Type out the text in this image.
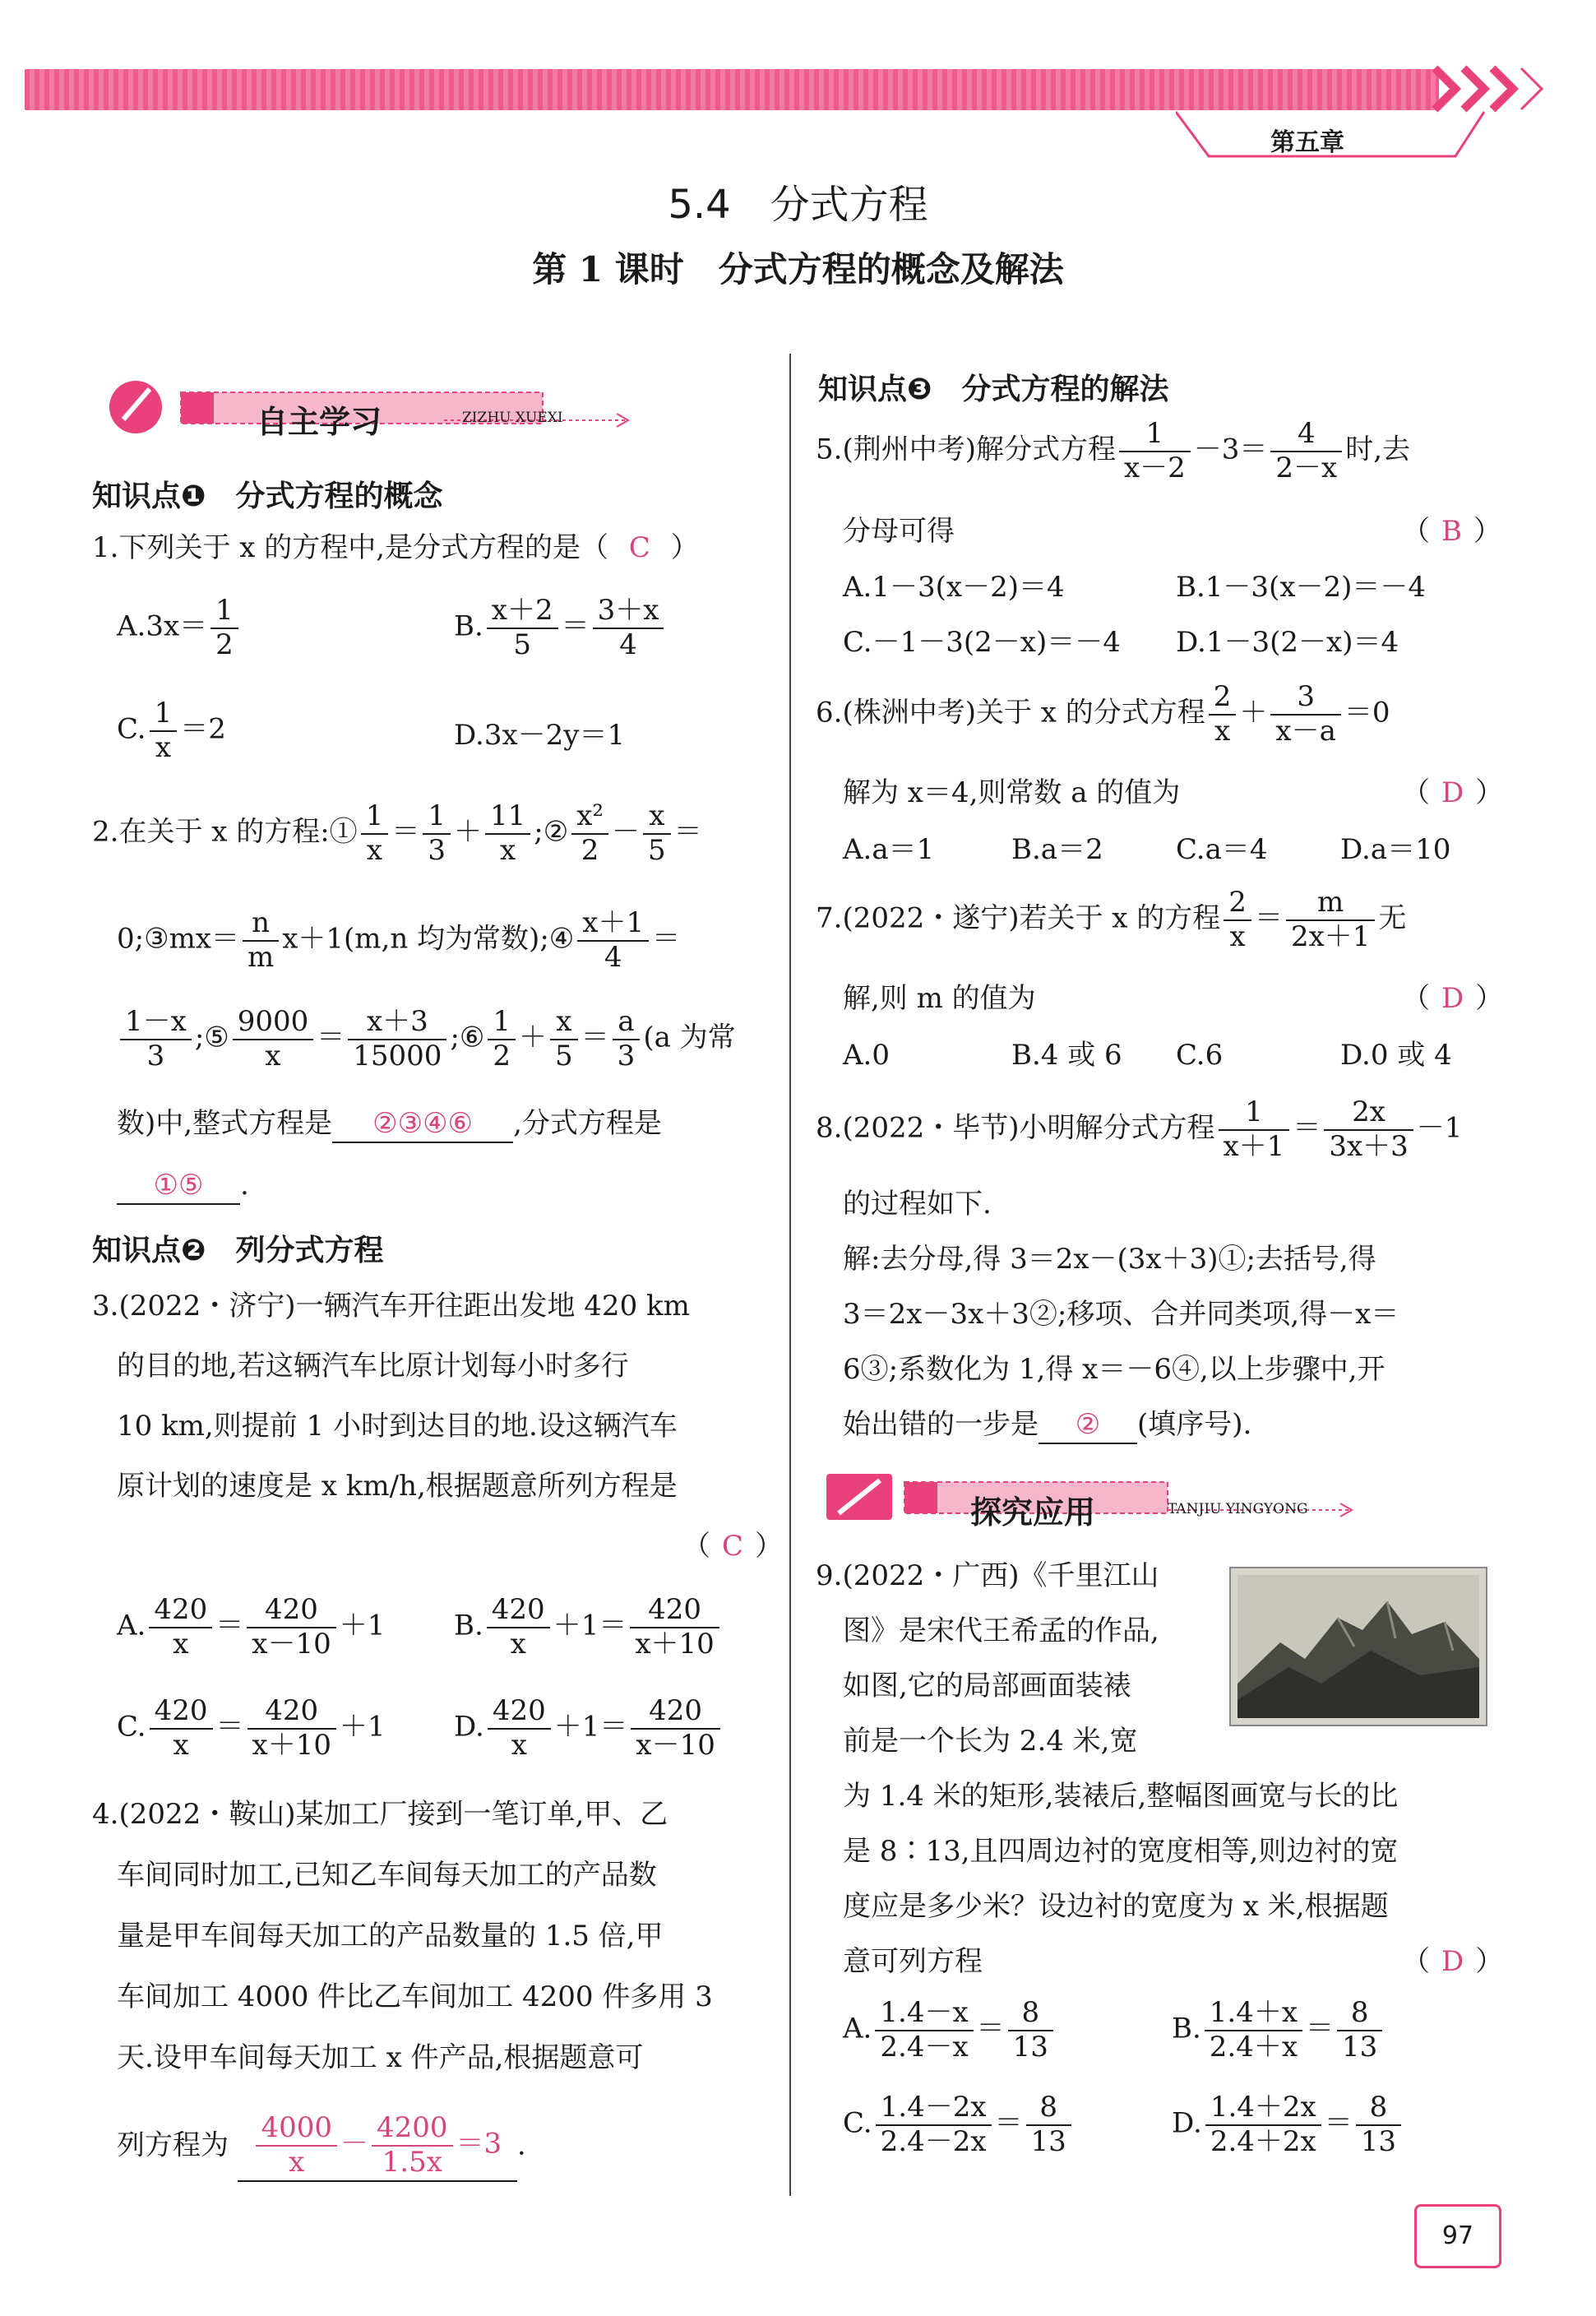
第五章
5.4　分式方程
第 1 课时　分式方程的概念及解法
自主学习	ZIZHU XUEXI
知识点❶　分式方程的概念
1.下列关于 x 的方程中,是分式方程的是（ C ）
$A.3x= \frac{1}{2}$	B. $\frac{x+2}{5} = \frac{3+x}{4}$
C. $\frac{1}{x} =2$	D.3x－2y＝1
2.在关于 x 的方程:① $\frac{1}{x} = \frac{1}{3} + \frac{11}{x}$ ;② $\frac{\text{x²}}{2} - \frac{x}{5}$ ＝
0;③mx＝ $\frac{n}{m} x+1(m,n$ 均为常数);④ $\frac{x+1}{4}$ ＝
$\frac{1-x}{3}$ ;⑤ $\frac{9000}{x} = \frac{x+3}{15000}$ ;⑥ $\frac{1}{2} + \frac{x}{5} = \frac{a}{3} (a$ 为常
数)中,整式方程是 ②③④⑥ ,分式方程是
①⑤ .
知识点❷　列分式方程
3.(2022・济宁)一辆汽车开往距出发地 420 km
的目的地,若这辆汽车比原计划每小时多行
10 km,则提前 1 小时到达目的地.设这辆汽车
原计划的速度是 x km/h,根据题意所列方程是
（ C ）
A. $\frac{420}{x} = \frac{420}{x-10} +1$ B. $\frac{420}{x} +1= \frac{420}{x+10}$
C. $\frac{420}{x} = \frac{420}{x+10} +1$ D. $\frac{420}{x} +1= \frac{420}{x-10}$
4.(2022・鞍山)某加工厂接到一笔订单,甲、乙
车间同时加工,已知乙车间每天加工的产品数
量是甲车间每天加工的产品数量的 1.5 倍,甲
车间加工 4000 件比乙车间加工 4200 件多用 3
天.设甲车间每天加工 x 件产品,根据题意可
列方程为 $\frac{4000}{x} - \frac{4200}{1.5x} =3$ .
知识点❸　分式方程的解法
5.(荆州中考)解分式方程 $\frac{1}{x-2} -3= \frac{4}{2-x}$ 时,去
分母可得	（ B ）
A.1－3(x－2)＝4	B.1－3(x－2)＝－4
C.－1－3(2－x)＝－4 D.1－3(2－x)＝4
6.(株洲中考)关于 x 的分式方程 $\frac{2}{x} + \frac{3}{x-a} =0$
解为 x＝4,则常数 a 的值为	（ D ）
A.a＝1	B.a＝2	C.a＝4	D.a＝10
7.(2022・遂宁)若关于 x 的方程 $\frac{2}{x} = \frac{m}{2x+1}$ 无
解,则 m 的值为	（ D ）
A.0	B.4 或 6 C.6	D.0 或 4
8.(2022・毕节)小明解分式方程 $\frac{1}{x+1} = \frac{2x}{3x+3} -1$
的过程如下.
解:去分母,得 3＝2x－(3x＋3)①;去括号,得
3＝2x－3x＋3②;移项、合并同类项,得－x＝
6③;系数化为 1,得 x＝－6④,以上步骤中,开
始出错的一步是 ② (填序号).
探究应用	TANJIU YINGYONG
9.(2022・广西)《千里江山
图》是宋代王希孟的作品,
如图,它的局部画面装裱
前是一个长为 2.4 米,宽
为 1.4 米的矩形,装裱后,整幅图画宽与长的比
是 8∶13,且四周边衬的宽度相等,则边衬的宽
度应是多少米？设边衬的宽度为 x 米,根据题
意可列方程	（ D ）
A. $\frac{1.4-x}{2.4-x} = \frac{8}{13}$	B. $\frac{1.4+x}{2.4+x} = \frac{8}{13}$
C. $\frac{1.4-2x}{2.4-2x} = \frac{8}{13}$	D. $\frac{1.4+2x}{2.4+2x} = \frac{8}{13}$
97
